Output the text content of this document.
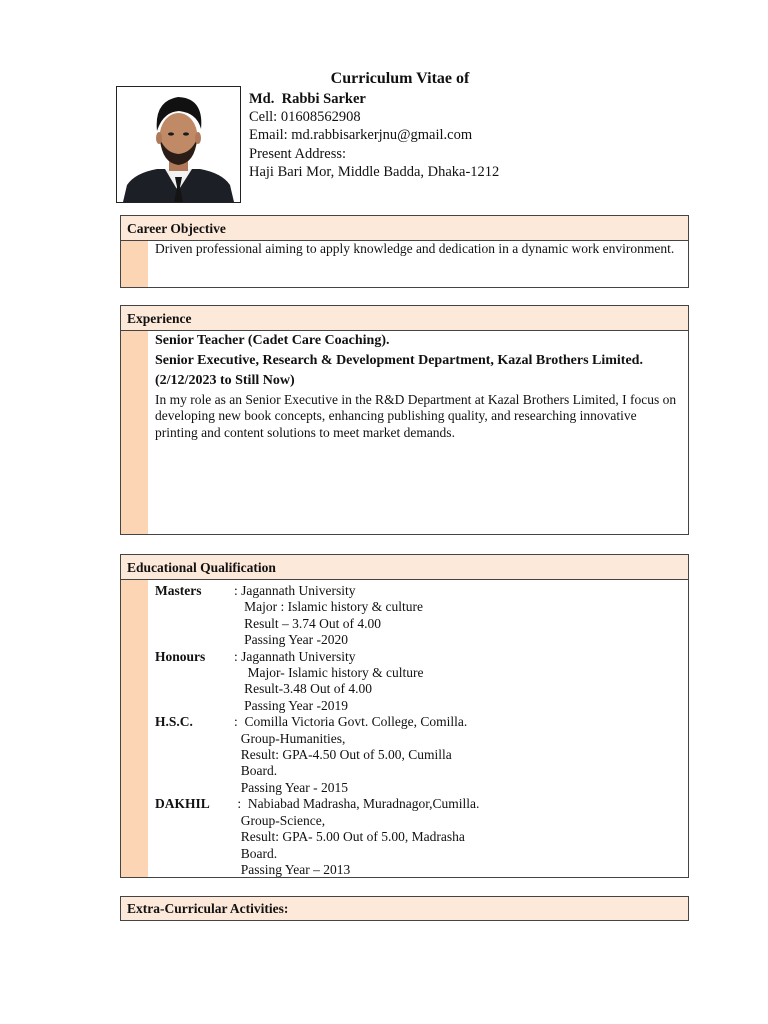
Curriculum Vitae of
Md.  Rabbi Sarker
Cell: 01608562908
Email: md.rabbisarkerjnu@gmail.com
Present Address:
Haji Bari Mor, Middle Badda, Dhaka-1212
Career Objective
Driven professional aiming to apply knowledge and dedication in a dynamic work environment.
Experience
Senior Teacher (Cadet Care Coaching).
Senior Executive, Research & Development Department, Kazal Brothers Limited. (2/12/2023 to Still Now)
In my role as an Senior Executive in the R&D Department at Kazal Brothers Limited, I focus on developing new book concepts, enhancing publishing quality, and researching innovative printing and content solutions to meet market demands.
Educational Qualification
Masters	: Jagannath University
Major : Islamic history & culture
Result – 3.74 Out of 4.00
Passing Year -2020
Honours	: Jagannath University
Major- Islamic history & culture
Result-3.48 Out of 4.00
Passing Year -2019
H.S.C.	:  Comilla Victoria Govt. College, Comilla.
Group-Humanities,
Result: GPA-4.50 Out of 5.00, Cumilla
Board.
Passing Year - 2015
DAKHIL	:  Nabiabad Madrasha, Muradnagor,Cumilla.
Group-Science,
Result: GPA- 5.00 Out of 5.00, Madrasha
Board.
Passing Year – 2013
Extra-Curricular Activities:
